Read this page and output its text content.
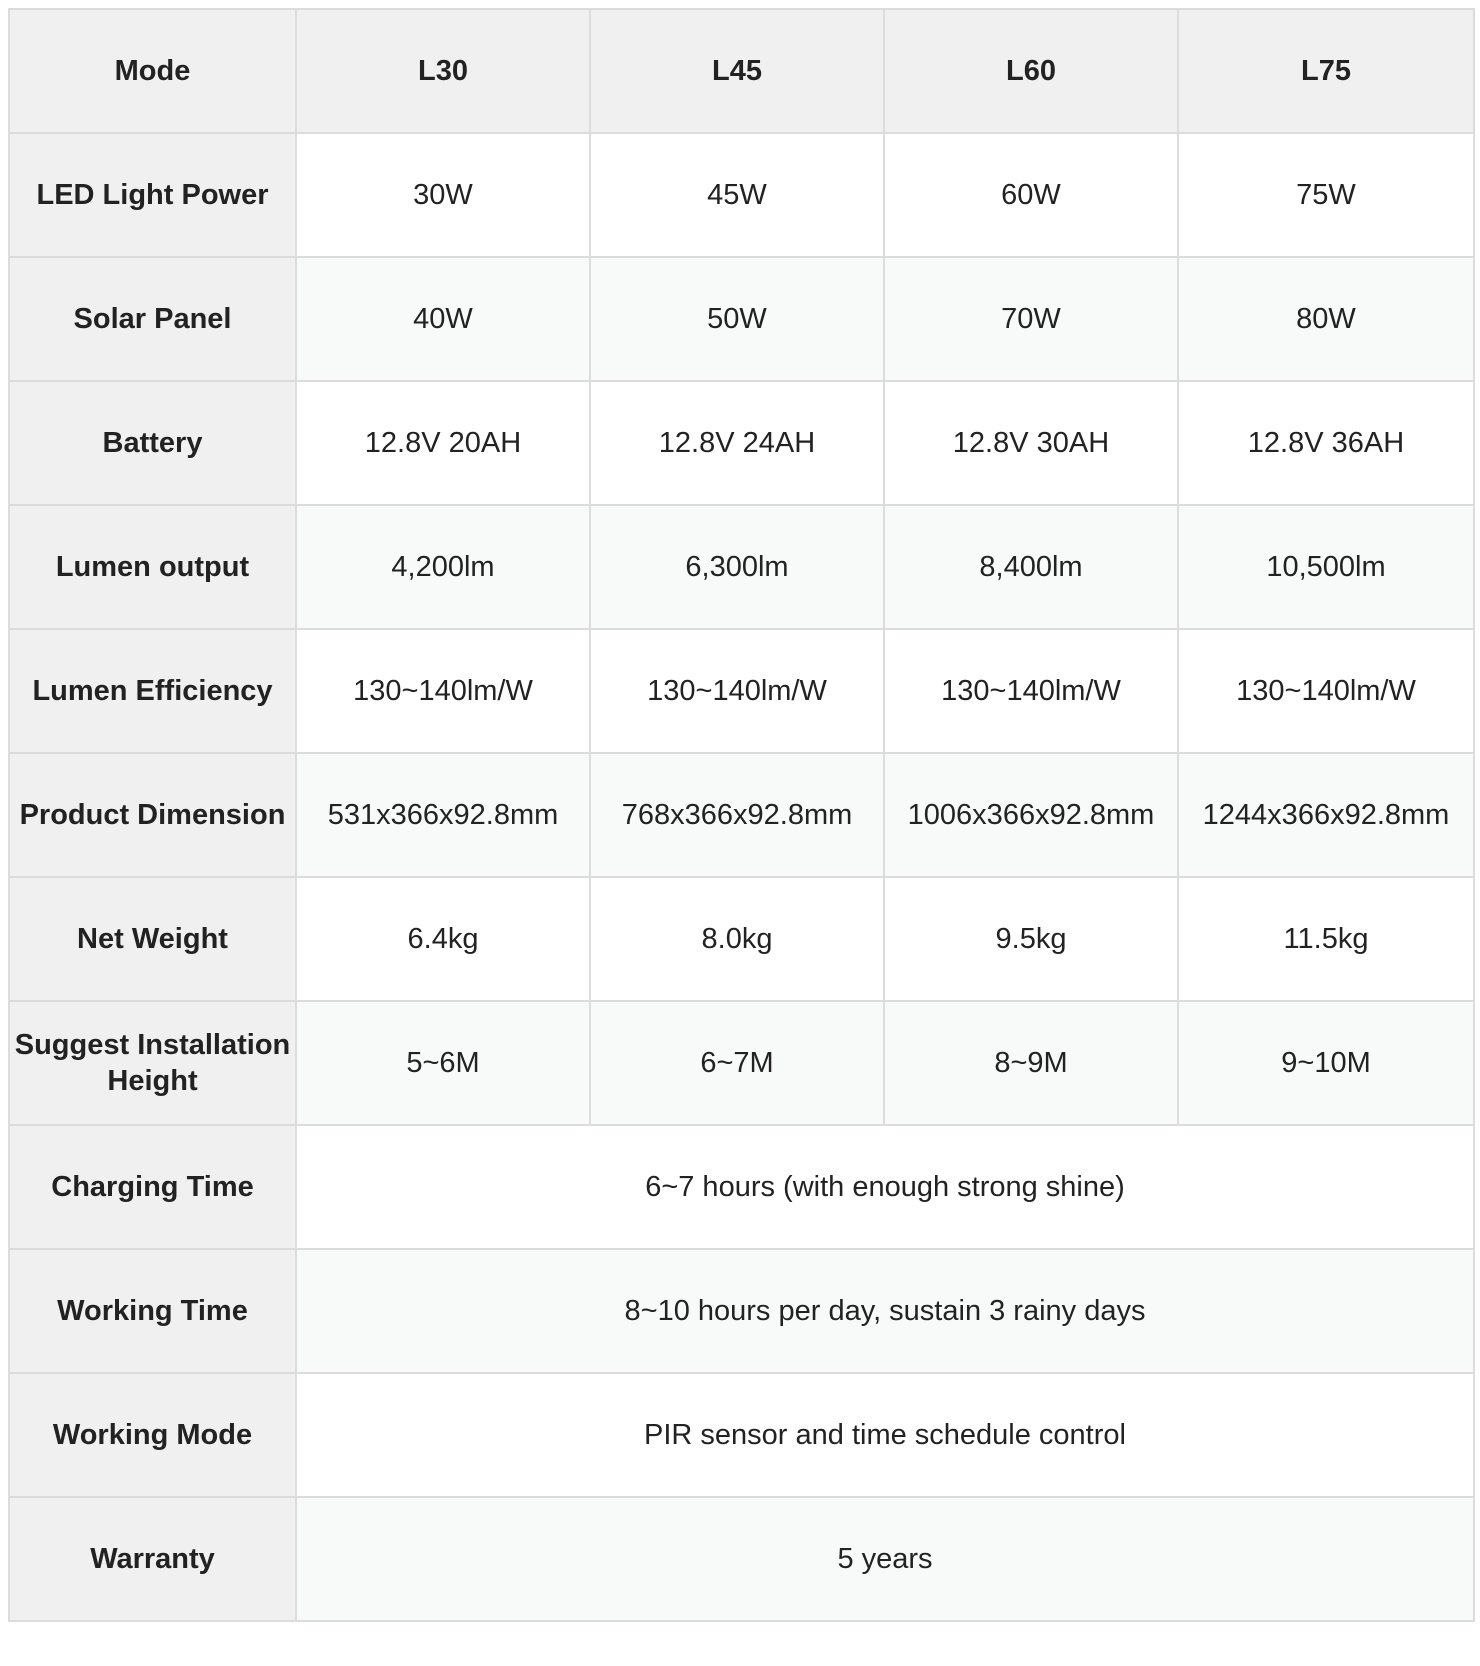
Mode	L30	L45	L60	L75
LED Light Power	30W	45W	60W	75W
Solar Panel	40W	50W	70W	80W
Battery	12.8V 20AH	12.8V 24AH	12.8V 30AH	12.8V 36AH
Lumen output	4,200lm	6,300lm	8,400lm	10,500lm
Lumen Efficiency	130~140lm/W	130~140lm/W	130~140lm/W	130~140lm/W
Product Dimension	531x366x92.8mm	768x366x92.8mm	1006x366x92.8mm	1244x366x92.8mm
Net Weight	6.4kg	8.0kg	9.5kg	11.5kg
Suggest Installation Height	5~6M	6~7M	8~9M	9~10M
Charging Time	6~7 hours (with enough strong shine)			
Working Time	8~10 hours per day, sustain 3 rainy days			
Working Mode	PIR sensor and time schedule control			
Warranty	5 years			
